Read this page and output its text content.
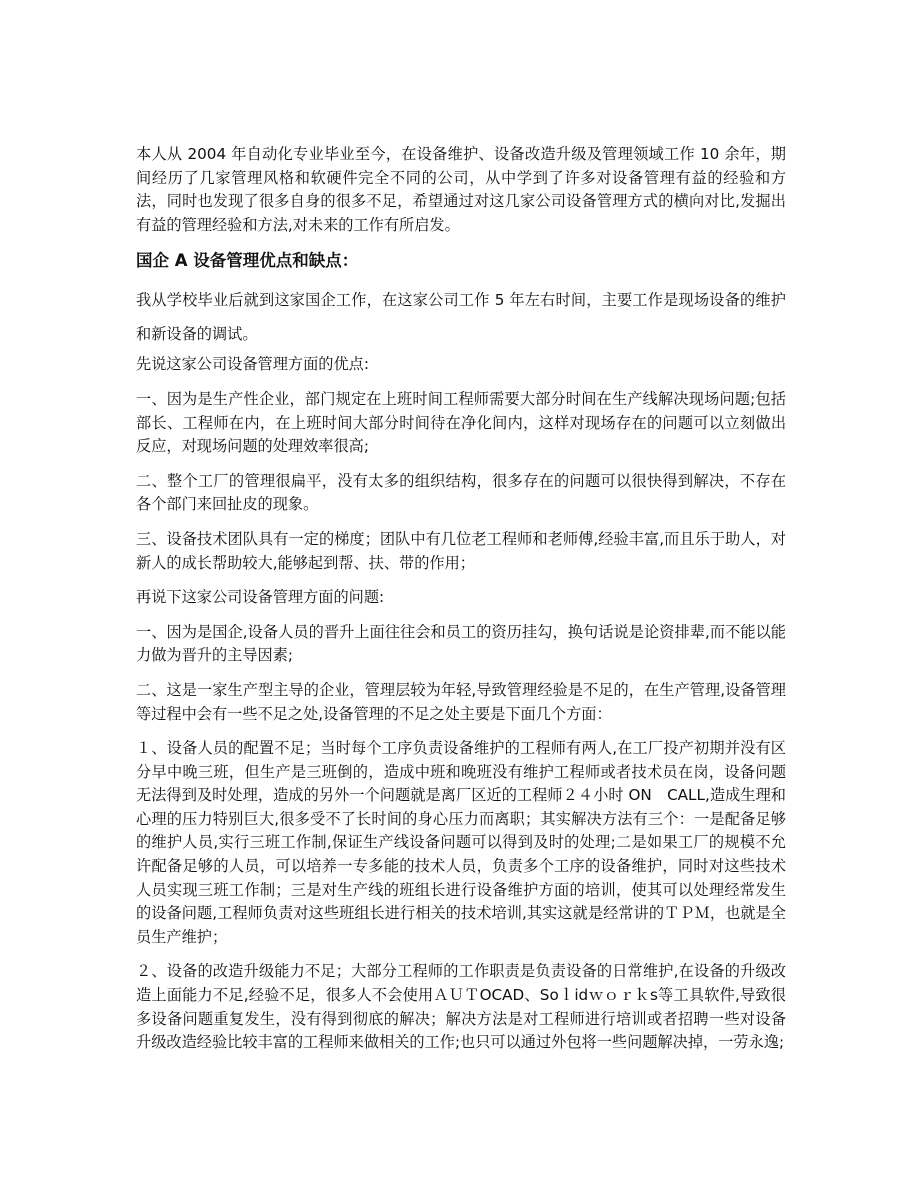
本人从 2004 年自动化专业毕业至今，在设备维护、设备改造升级及管理领域工作 10 余年，期间经历了几家管理风格和软硬件完全不同的公司，从中学到了许多对设备管理有益的经验和方法，同时也发现了很多自身的很多不足，希望通过对这几家公司设备管理方式的横向对比,发掘出有益的管理经验和方法,对未来的工作有所启发。

国企 A 设备管理优点和缺点：

我从学校毕业后就到这家国企工作，在这家公司工作 5 年左右时间，主要工作是现场设备的维护和新设备的调试。

先说这家公司设备管理方面的优点:

一、因为是生产性企业，部门规定在上班时间工程师需要大部分时间在生产线解决现场问题;包括部长、工程师在内，在上班时间大部分时间待在净化间内，这样对现场存在的问题可以立刻做出反应，对现场问题的处理效率很高;

二、整个工厂的管理很扁平，没有太多的组织结构，很多存在的问题可以很快得到解决，不存在各个部门来回扯皮的现象。

三、设备技术团队具有一定的梯度；团队中有几位老工程师和老师傅,经验丰富,而且乐于助人，对新人的成长帮助较大,能够起到帮、扶、带的作用；

再说下这家公司设备管理方面的问题:

一、因为是国企,设备人员的晋升上面往往会和员工的资历挂勾，换句话说是论资排辈,而不能以能力做为晋升的主导因素;

二、这是一家生产型主导的企业，管理层较为年轻,导致管理经验是不足的，在生产管理,设备管理等过程中会有一些不足之处,设备管理的不足之处主要是下面几个方面：

１、设备人员的配置不足；当时每个工序负责设备维护的工程师有两人,在工厂投产初期并没有区分早中晚三班，但生产是三班倒的，造成中班和晚班没有维护工程师或者技术员在岗，设备问题无法得到及时处理，造成的另外一个问题就是离厂区近的工程师２４小时 ON　CALL,造成生理和心理的压力特别巨大,很多受不了长时间的身心压力而离职；其实解决方法有三个：一是配备足够的维护人员,实行三班工作制,保证生产线设备问题可以得到及时的处理;二是如果工厂的规模不允许配备足够的人员，可以培养一专多能的技术人员，负责多个工序的设备维护，同时对这些技术人员实现三班工作制；三是对生产线的班组长进行设备维护方面的培训，使其可以处理经常发生的设备问题,工程师负责对这些班组长进行相关的技术培训,其实这就是经常讲的ＴＰＭ，也就是全员生产维护；

２、设备的改造升级能力不足；大部分工程师的工作职责是负责设备的日常维护,在设备的升级改造上面能力不足,经验不足，很多人不会使用ＡＵＴOCAD、Soｌidｗｏｒｋs等工具软件,导致很多设备问题重复发生，没有得到彻底的解决；解决方法是对工程师进行培训或者招聘一些对设备升级改造经验比较丰富的工程师来做相关的工作;也只可以通过外包将一些问题解决掉，一劳永逸;
